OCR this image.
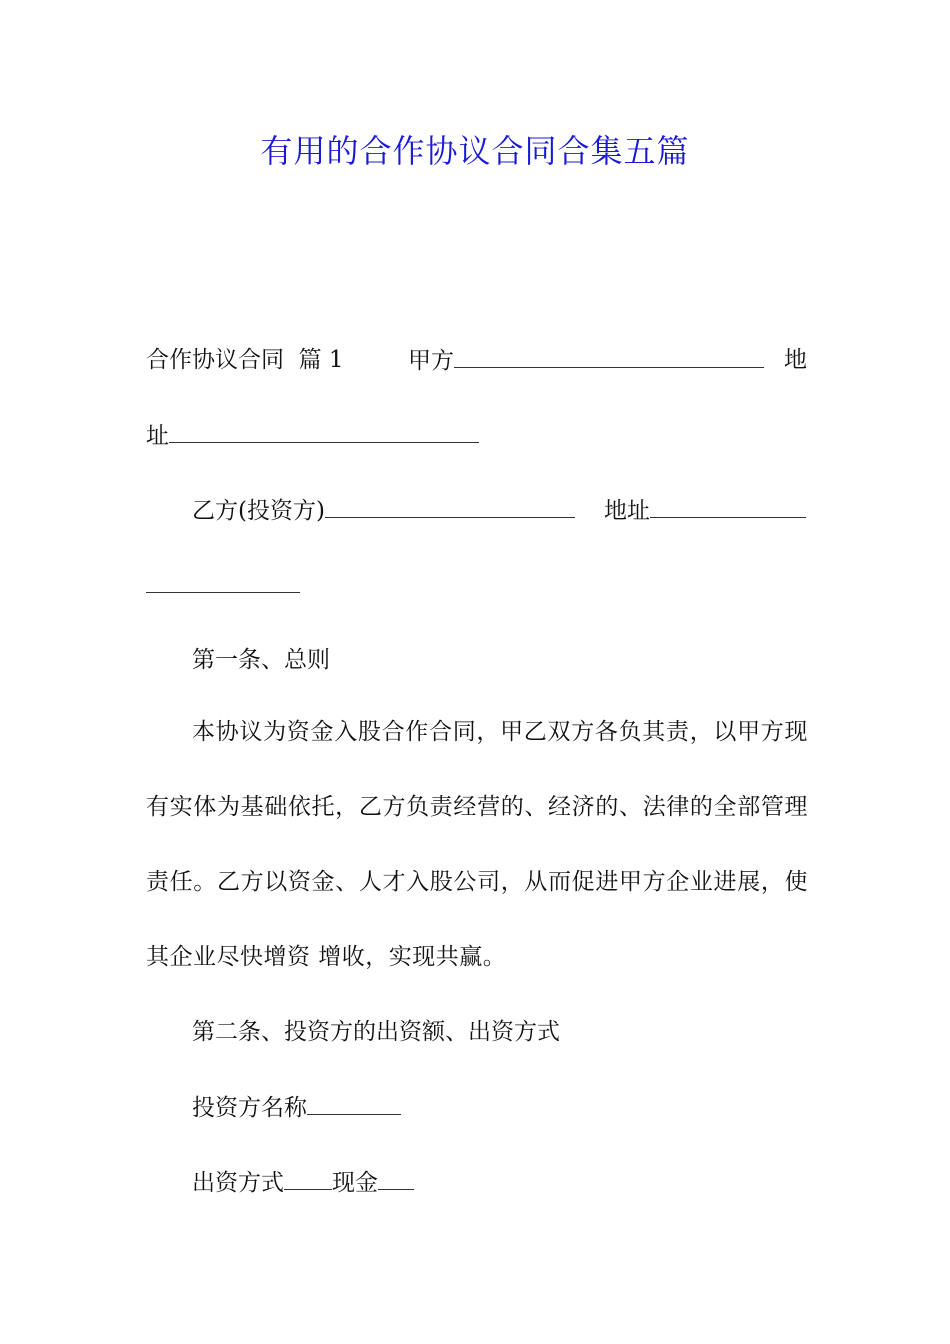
有用的合作协议合同合集五篇
合作协议合同  篇 1	甲方	地
址
乙方(投资方)	地址
第一条、总则

本协议为资金入股合作合同，甲乙双方各负其责，以甲方现有实体为基础依托，乙方负责经营的、经济的、法律的全部管理责任。乙方以资金、人才入股公司，从而促进甲方企业进展，使其企业尽快增资 增收，实现共赢。

第二条、投资方的出资额、出资方式
投资方名称
出资方式 现金
